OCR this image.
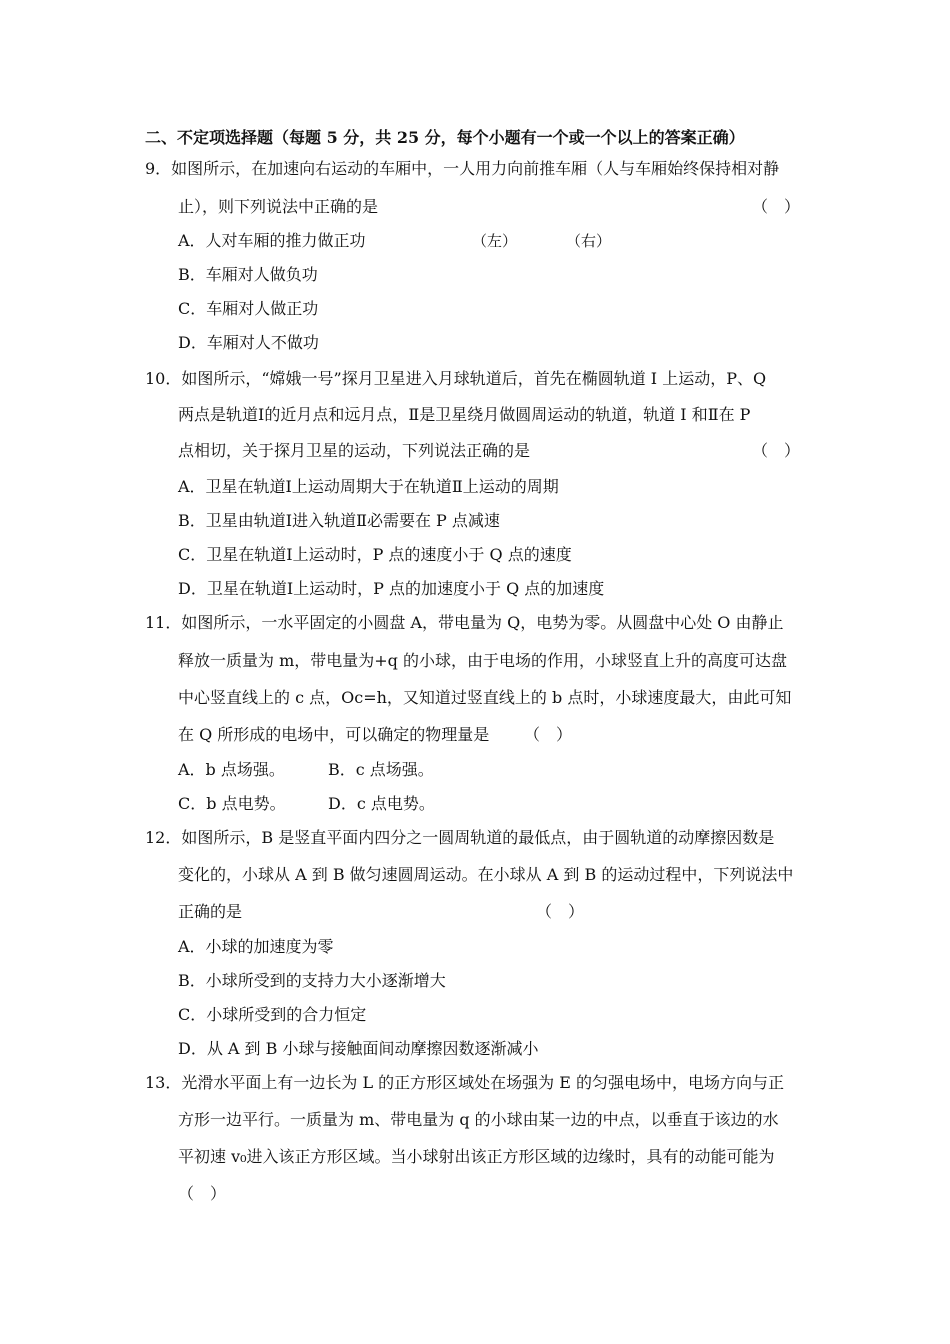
二、不定项选择题（每题 5 分，共 25 分，每个小题有一个或一个以上的答案正确）
9．如图所示，在加速向右运动的车厢中，一人用力向前推车厢（人与车厢始终保持相对静
止），则下列说法中正确的是	（　）
A．人对车厢的推力做正功	（左）	（右）
B．车厢对人做负功
C．车厢对人做正功
D．车厢对人不做功
10．如图所示，“嫦娥一号”探月卫星进入月球轨道后，首先在椭圆轨道 I 上运动，P、Q
两点是轨道Ⅰ的近月点和远月点，Ⅱ是卫星绕月做圆周运动的轨道，轨道 I 和Ⅱ在 P
点相切，关于探月卫星的运动，下列说法正确的是	（　）
A．卫星在轨道Ⅰ上运动周期大于在轨道Ⅱ上运动的周期
B．卫星由轨道Ⅰ进入轨道Ⅱ必需要在 P 点减速
C．卫星在轨道Ⅰ上运动时，P 点的速度小于 Q 点的速度
D．卫星在轨道Ⅰ上运动时，P 点的加速度小于 Q 点的加速度
11．如图所示，一水平固定的小圆盘 A，带电量为 Q，电势为零。从圆盘中心处 O 由静止
释放一质量为 m，带电量为+q 的小球，由于电场的作用，小球竖直上升的高度可达盘
中心竖直线上的 c 点，Oc=h，又知道过竖直线上的 b 点时，小球速度最大，由此可知
在 Q 所形成的电场中，可以确定的物理量是 （　）
A．b 点场强。	B．c 点场强。
C．b 点电势。	D．c 点电势。
12．如图所示，B 是竖直平面内四分之一圆周轨道的最低点，由于圆轨道的动摩擦因数是
变化的，小球从 A 到 B 做匀速圆周运动。在小球从 A 到 B 的运动过程中，下列说法中
正确的是	（　）
A．小球的加速度为零
B．小球所受到的支持力大小逐渐增大
C．小球所受到的合力恒定
D．从 A 到 B 小球与接触面间动摩擦因数逐渐减小
13．光滑水平面上有一边长为 L 的正方形区域处在场强为 E 的匀强电场中，电场方向与正
方形一边平行。一质量为 m、带电量为 q 的小球由某一边的中点，以垂直于该边的水
平初速 v₀进入该正方形区域。当小球射出该正方形区域的边缘时，具有的动能可能为
（　）
